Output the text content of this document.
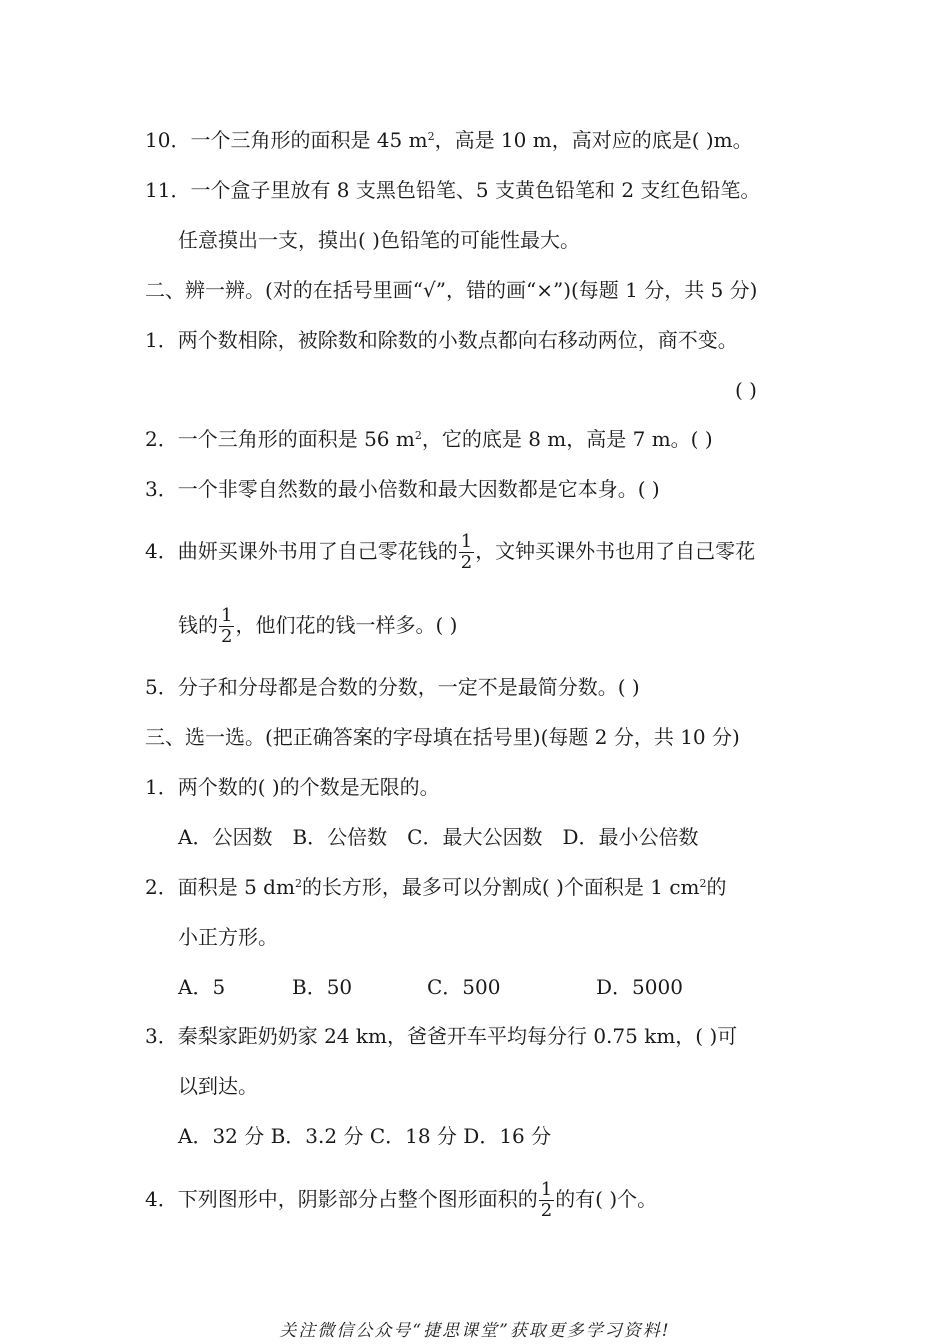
10．一个三角形的面积是 45 $m^2$，高是 10 m，高对应的底是( )m。
11．一个盒子里放有 8 支黑色铅笔、5 支黄色铅笔和 2 支红色铅笔。
任意摸出一支，摸出( )色铅笔的可能性最大。
二、辨一辨。(对的在括号里画“√”，错的画“×”)(每题 1 分，共 5 分)
1．两个数相除，被除数和除数的小数点都向右移动两位，商不变。
( )
2．一个三角形的面积是 56 $m^2$，它的底是 8 m，高是 7 m。( )
3．一个非零自然数的最小倍数和最大因数都是它本身。( )
4．曲妍买课外书用了自己零花钱的 $\frac{1}{2}$ ，文钟买课外书也用了自己零花
钱的 $\frac{1}{2}$ ，他们花的钱一样多。( )
5．分子和分母都是合数的分数，一定不是最简分数。( )
三、选一选。(把正确答案的字母填在括号里)(每题 2 分，共 10 分)
1．两个数的( )的个数是无限的。
A．公因数　B．公倍数　C．最大公因数　D．最小公倍数
2．面积是 5 $dm^2$的长方形，最多可以分割成( )个面积是 1 $cm^2$的
小正方形。
A．5	B．50	C．500	D．5000
3．秦梨家距奶奶家 24 km，爸爸开车平均每分行 0.75 km，( )可
以到达。
A．32 分 B．3.2 分 C．18 分 D．16 分
4．下列图形中，阴影部分占整个图形面积的 $\frac{1}{2}$ 的有( )个。
关注微信公众号“捷思课堂”获取更多学习资料!
